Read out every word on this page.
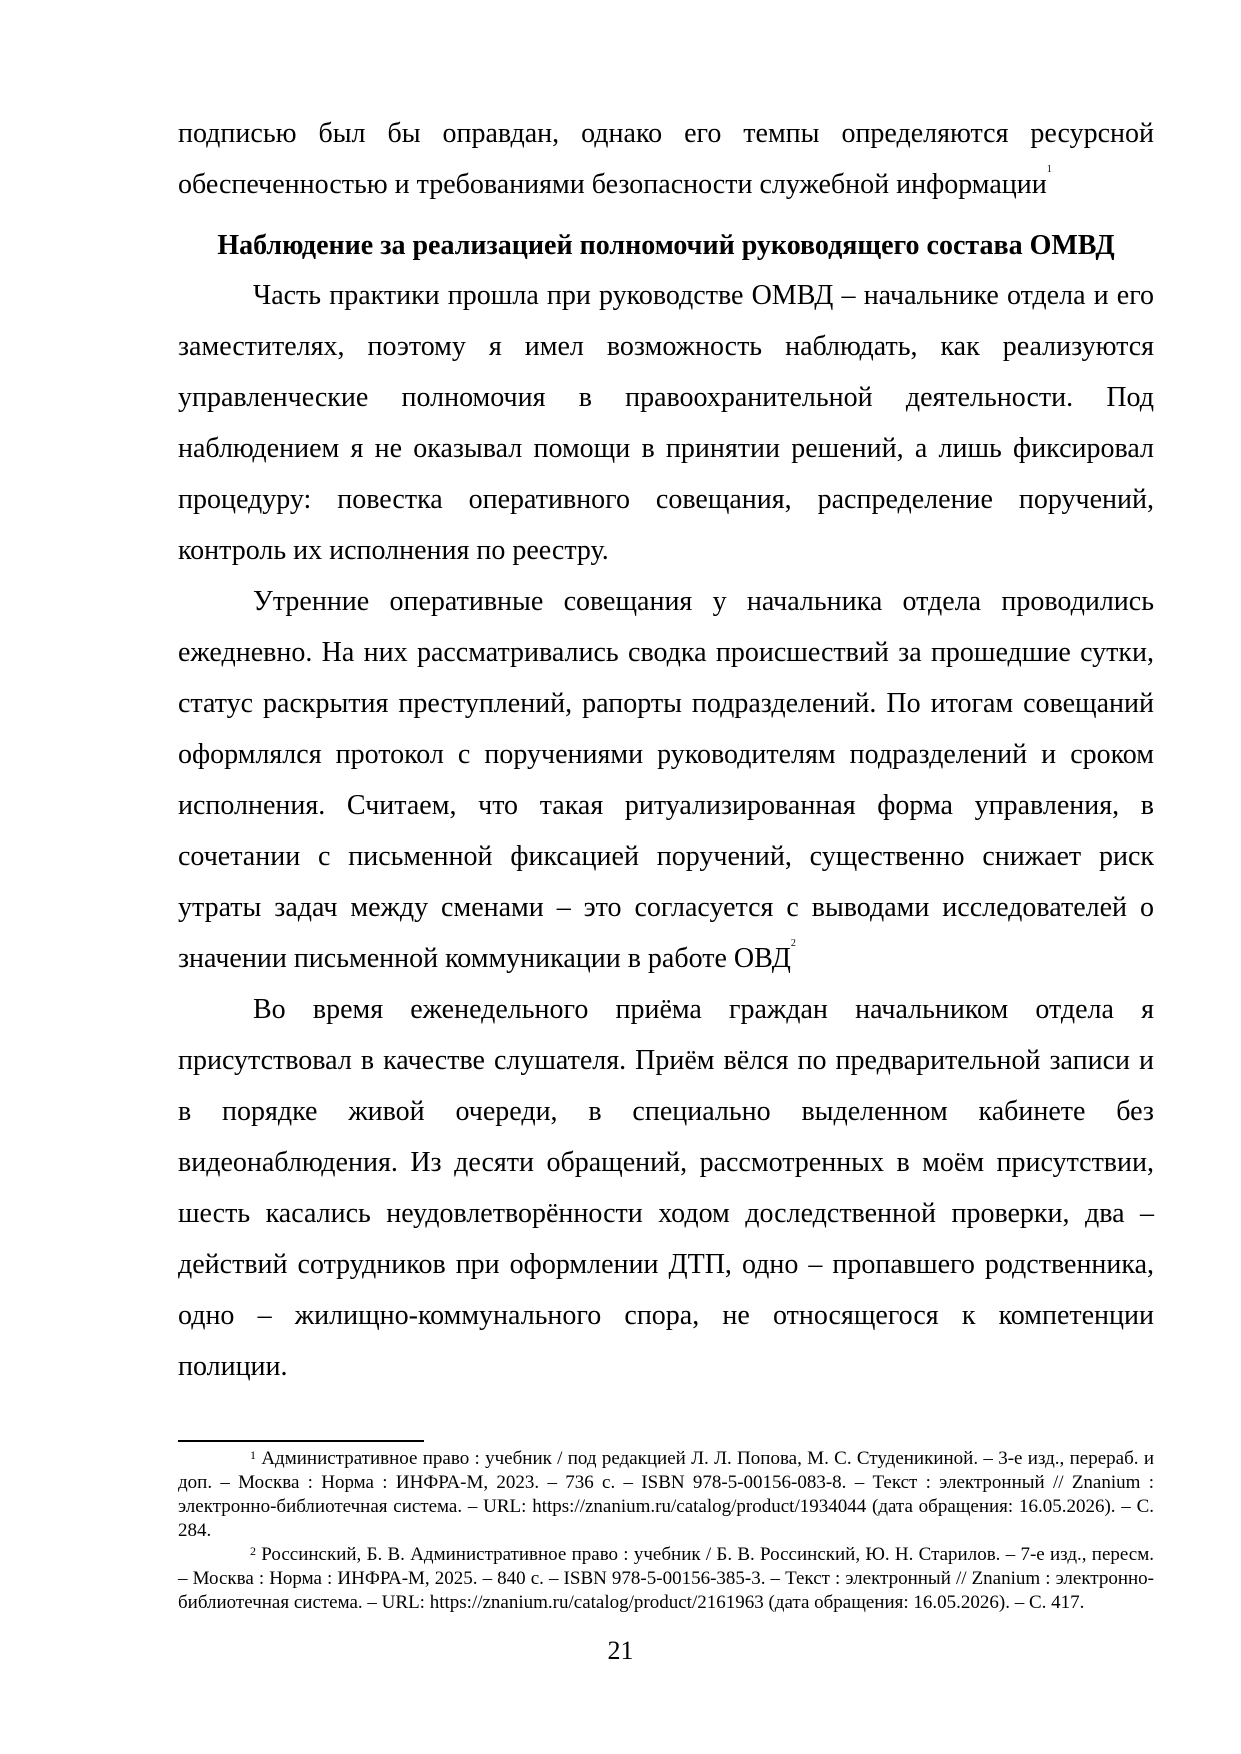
подписью был бы оправдан, однако его темпы определяются ресурсной обеспеченностью и требованиями безопасности служебной информации$^1$

Наблюдение за реализацией полномочий руководящего состава ОМВД

Часть практики прошла при руководстве ОМВД – начальнике отдела и его заместителях, поэтому я имел возможность наблюдать, как реализуются управленческие полномочия в правоохранительной деятельности. Под наблюдением я не оказывал помощи в принятии решений, а лишь фиксировал процедуру: повестка оперативного совещания, распределение поручений, контроль их исполнения по реестру.

Утренние оперативные совещания у начальника отдела проводились ежедневно. На них рассматривались сводка происшествий за прошедшие сутки, статус раскрытия преступлений, рапорты подразделений. По итогам совещаний оформлялся протокол с поручениями руководителям подразделений и сроком исполнения. Считаем, что такая ритуализированная форма управления, в сочетании с письменной фиксацией поручений, существенно снижает риск утраты задач между сменами – это согласуется с выводами исследователей о значении письменной коммуникации в работе ОВД$^2$

Во время еженедельного приёма граждан начальником отдела я присутствовал в качестве слушателя. Приём вёлся по предварительной записи и в порядке живой очереди, в специально выделенном кабинете без видеонаблюдения. Из десяти обращений, рассмотренных в моём присутствии, шесть касались неудовлетворённости ходом доследственной проверки, два – действий сотрудников при оформлении ДТП, одно – пропавшего родственника, одно – жилищно-коммунального спора, не относящегося к компетенции полиции.

$^1$ Административное право : учебник / под редакцией Л. Л. Попова, М. С. Студеникиной. – 3-е изд., перераб. и доп. – Москва : Норма : ИНФРА-М, 2023. – 736 с. – ISBN 978-5-00156-083-8. – Текст : электронный // Znanium : электронно-библиотечная система. – URL: https://znanium.ru/catalog/product/1934044 (дата обращения: 16.05.2026). – С. 284.

$^2$ Россинский, Б. В. Административное право : учебник / Б. В. Россинский, Ю. Н. Старилов. – 7-е изд., пересм. – Москва : Норма : ИНФРА-М, 2025. – 840 с. – ISBN 978-5-00156-385-3. – Текст : электронный // Znanium : электронно-библиотечная система. – URL: https://znanium.ru/catalog/product/2161963 (дата обращения: 16.05.2026). – С. 417.

21
